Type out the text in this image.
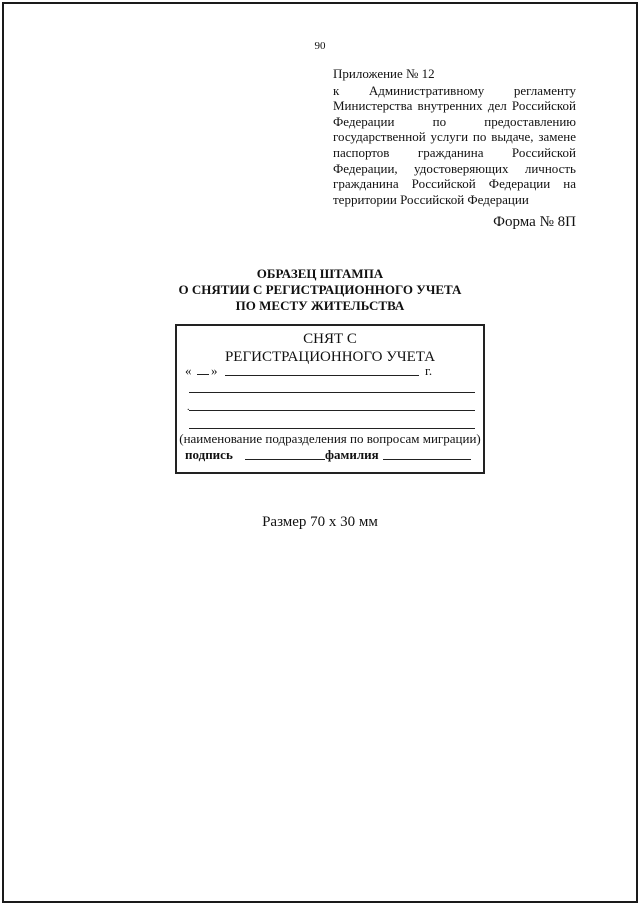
90

Приложение № 12

к Административному регламенту Министерства внутренних дел Российской Федерации по предоставлению государственной услуги по выдаче, замене паспортов гражданина Российской Федерации, удостоверяющих личность гражданина Российской Федерации на территории Российской Федерации

Форма № 8П
ОБРАЗЕЦ ШТАМПА
О СНЯТИИ С РЕГИСТРАЦИОННОГО УЧЕТА
ПО МЕСТУ ЖИТЕЛЬСТВА
СНЯТ С
РЕГИСТРАЦИОННОГО УЧЕТА
« »	г.
.
(наименование подразделения по вопросам миграции)
подпись	фамилия
Размер 70 х 30 мм
